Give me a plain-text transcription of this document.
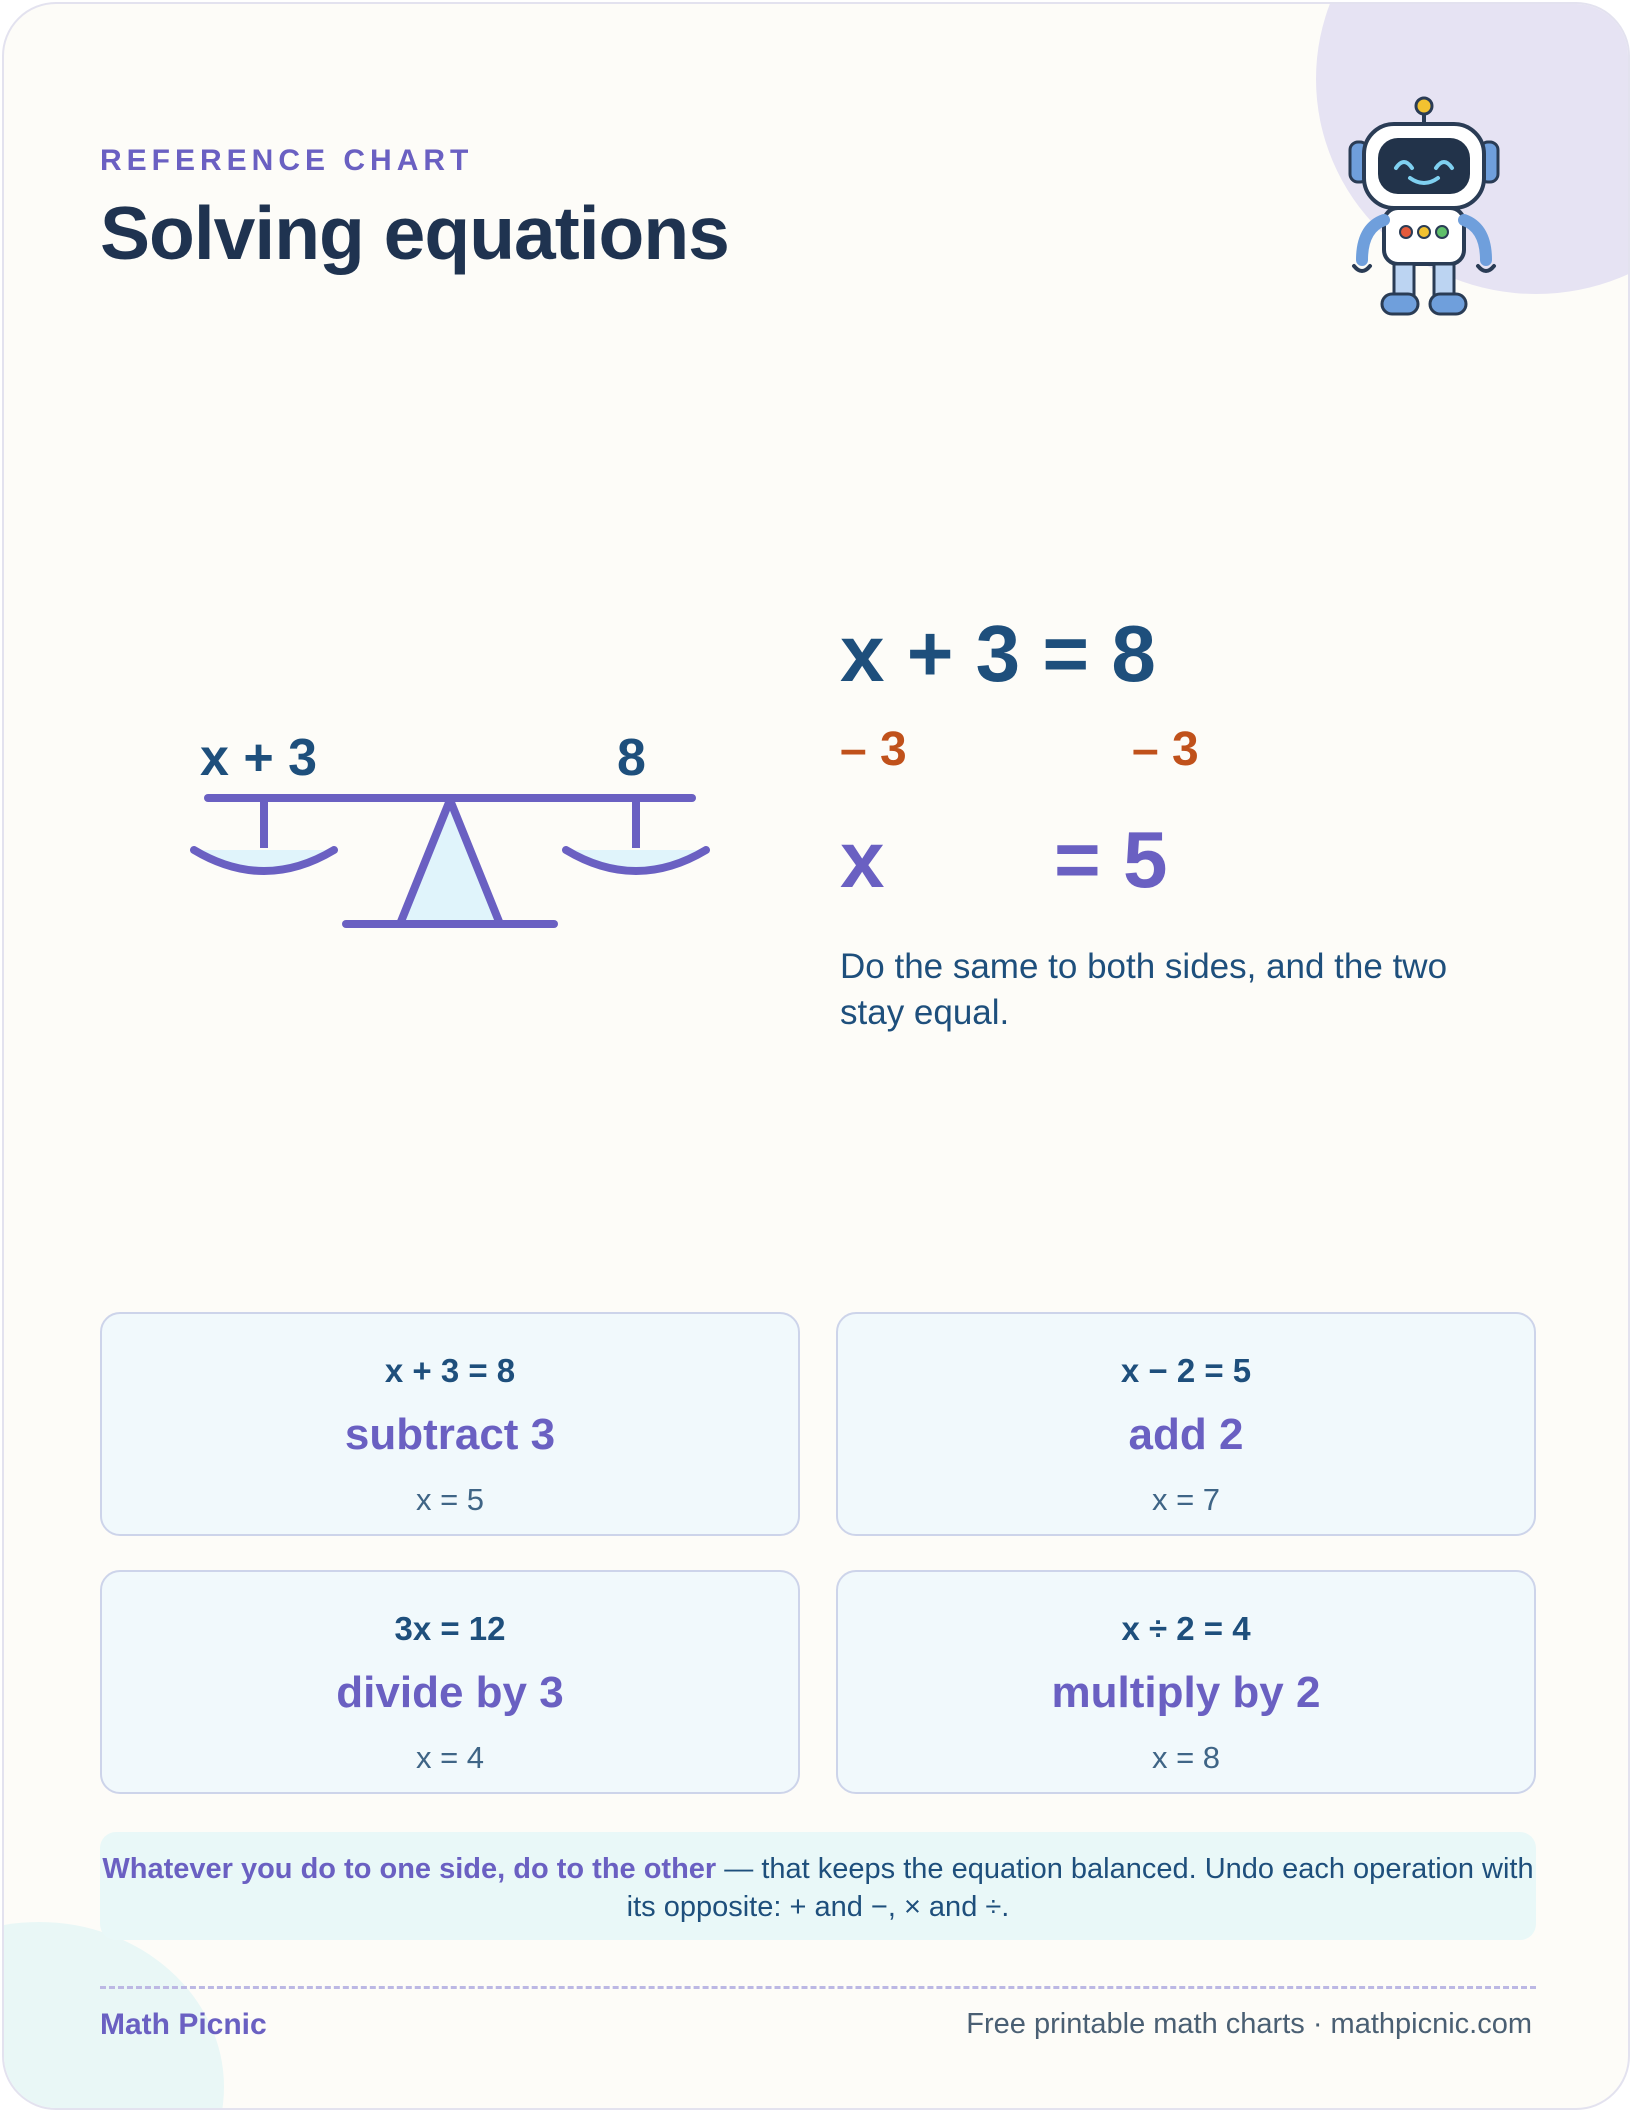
REFERENCE CHART
Solving equations
x + 3	8
x + 3 = 8
– 3	– 3
x = 5
Do the same to both sides, and the two stay equal.
x + 3 = 8
subtract 3
x = 5
x − 2 = 5
add 2
x = 7
3x = 12
divide by 3
x = 4
x ÷ 2 = 4
multiply by 2
x = 8
Whatever you do to one side, do to the other — that keeps the equation balanced. Undo each operation with its opposite: + and −, × and ÷.
Math Picnic	Free printable math charts · mathpicnic.com
